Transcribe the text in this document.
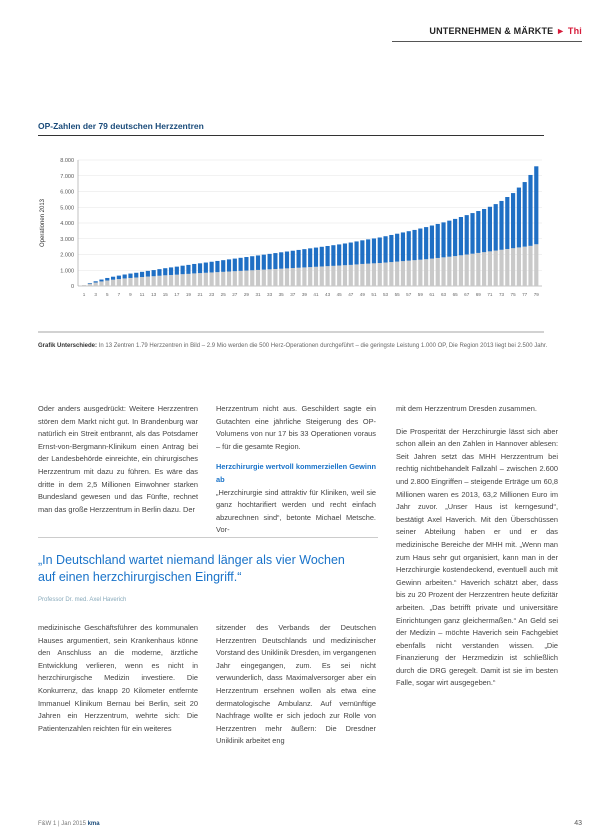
UNTERNEHMEN & MÄRKTE ► Thi
OP-Zahlen der 79 deutschen Herzzentren
0
1.000
2.000
3.000
4.000
5.000
6.000
7.000
8.000
Operationen 2013
1 3 5 7 9 11 13 15 17 19 21 23 25 27 29 31 33 35 37 39 41 43 45 47 49 51 53 55 57 59 61 63 65 67 69 71 73 75 77 79
Grafik Unterschiede: In 13 Zentren 1.79 Herzzentren in Bild – 2.9 Mio werden die 500 Herz-Operationen durchgeführt – die geringste Leistung 1.000 OP, Die Region 2013 liegt bei 2.500 Jahr.
Oder anders ausgedrückt: Weitere Herzzentren stören dem Markt nicht gut. In Brandenburg war natürlich ein Streit entbrannt, als das Potsdamer Ernst-von-Bergmann-Klinikum einen Antrag bei der Landesbehörde einreichte, ein chirurgisches Herzzentrum mit dazu zu führen. Es wäre das dritte in dem 2,5 Millionen Einwohner starken Bundesland gewesen und das Fünfte, rechnet man das große Herzzentrum in Berlin dazu. Der
Herzzentrum nicht aus. Geschildert sagte ein Gutachten eine jährliche Steigerung des OP-Volumens von nur 17 bis 33 Operationen voraus – für die gesamte Region.
Herzchirurgie wertvoll kommerziellen Gewinn ab
„Herzchirurgie sind attraktiv für Kliniken, weil sie ganz hochtarifiert werden und recht einfach abzurechnen sind“, betonte Michael Metsche. Vor-
mit dem Herzzentrum Dresden zusammen.
Die Prosperität der Herzchirurgie lässt sich aber schon allein an den Zahlen in Hannover ablesen: Seit Jahren setzt das MHH Herzzentrum bei rechtig nichtbehandelt Fallzahl – zwischen 2.600 und 2.800 Eingriffen – steigende Erträge um 60,8 Millionen waren es 2013, 63,2 Millionen Euro im Jahr zuvor. „Unser Haus ist kerngesund“, bestätigt Axel Haverich. Mit den Überschüssen seiner Abteilung haben er und er das medizinische Bereiche der MHH mit. „Wenn man zum Haus sehr gut organisiert, kann man in der Herzchirurgie kostendeckend, eventuell auch mit Gewinn arbeiten.“ Haverich schätzt aber, dass bis zu 20 Prozent der Herzzentren heute defizitär arbeiten. „Das betrifft private und universitäre Einrichtungen ganz gleichermaßen.“ An Geld sei der Medizin – möchte Haverich sein Fachgebiet ebenfalls nicht verstanden wissen. „Die Finanzierung der Herzmedizin ist schließlich durch die DRG geregelt. Damit ist sie im besten Falle, sogar wirt ausgegeben.“
„In Deutschland wartet niemand länger als vier Wochen auf einen herzchirurgischen Eingriff.“
Professor Dr. med. Axel Haverich
medizinische Geschäftsführer des kommunalen Hauses argumentiert, sein Krankenhaus könne den Anschluss an die moderne, ärztliche Entwicklung verlieren, wenn es nicht in herzchirurgische Medizin investiere. Die Konkurrenz, das knapp 20 Kilometer entfernte Immanuel Klinikum Bernau bei Berlin, seit 20 Jahren ein Herzzentrum, wehrte sich: Die Patientenzahlen reichten für ein weiteres
sitzender des Verbands der Deutschen Herzzentren Deutschlands und medizinischer Vorstand des Uniklinik Dresden, im vergangenen Jahr eingegangen, zum. Es sei nicht verwunderlich, dass Maximalversorger aber ein Herzzentrum ersehnen wollen als etwa eine dermatologische Ambulanz. Auf vernünftige Nachfrage wollte er sich jedoch zur Rolle von Herzzentren mehr äußern: Die Dresdner Uniklinik arbeitet eng
F&W 1 | Jan 2015 kma	43
